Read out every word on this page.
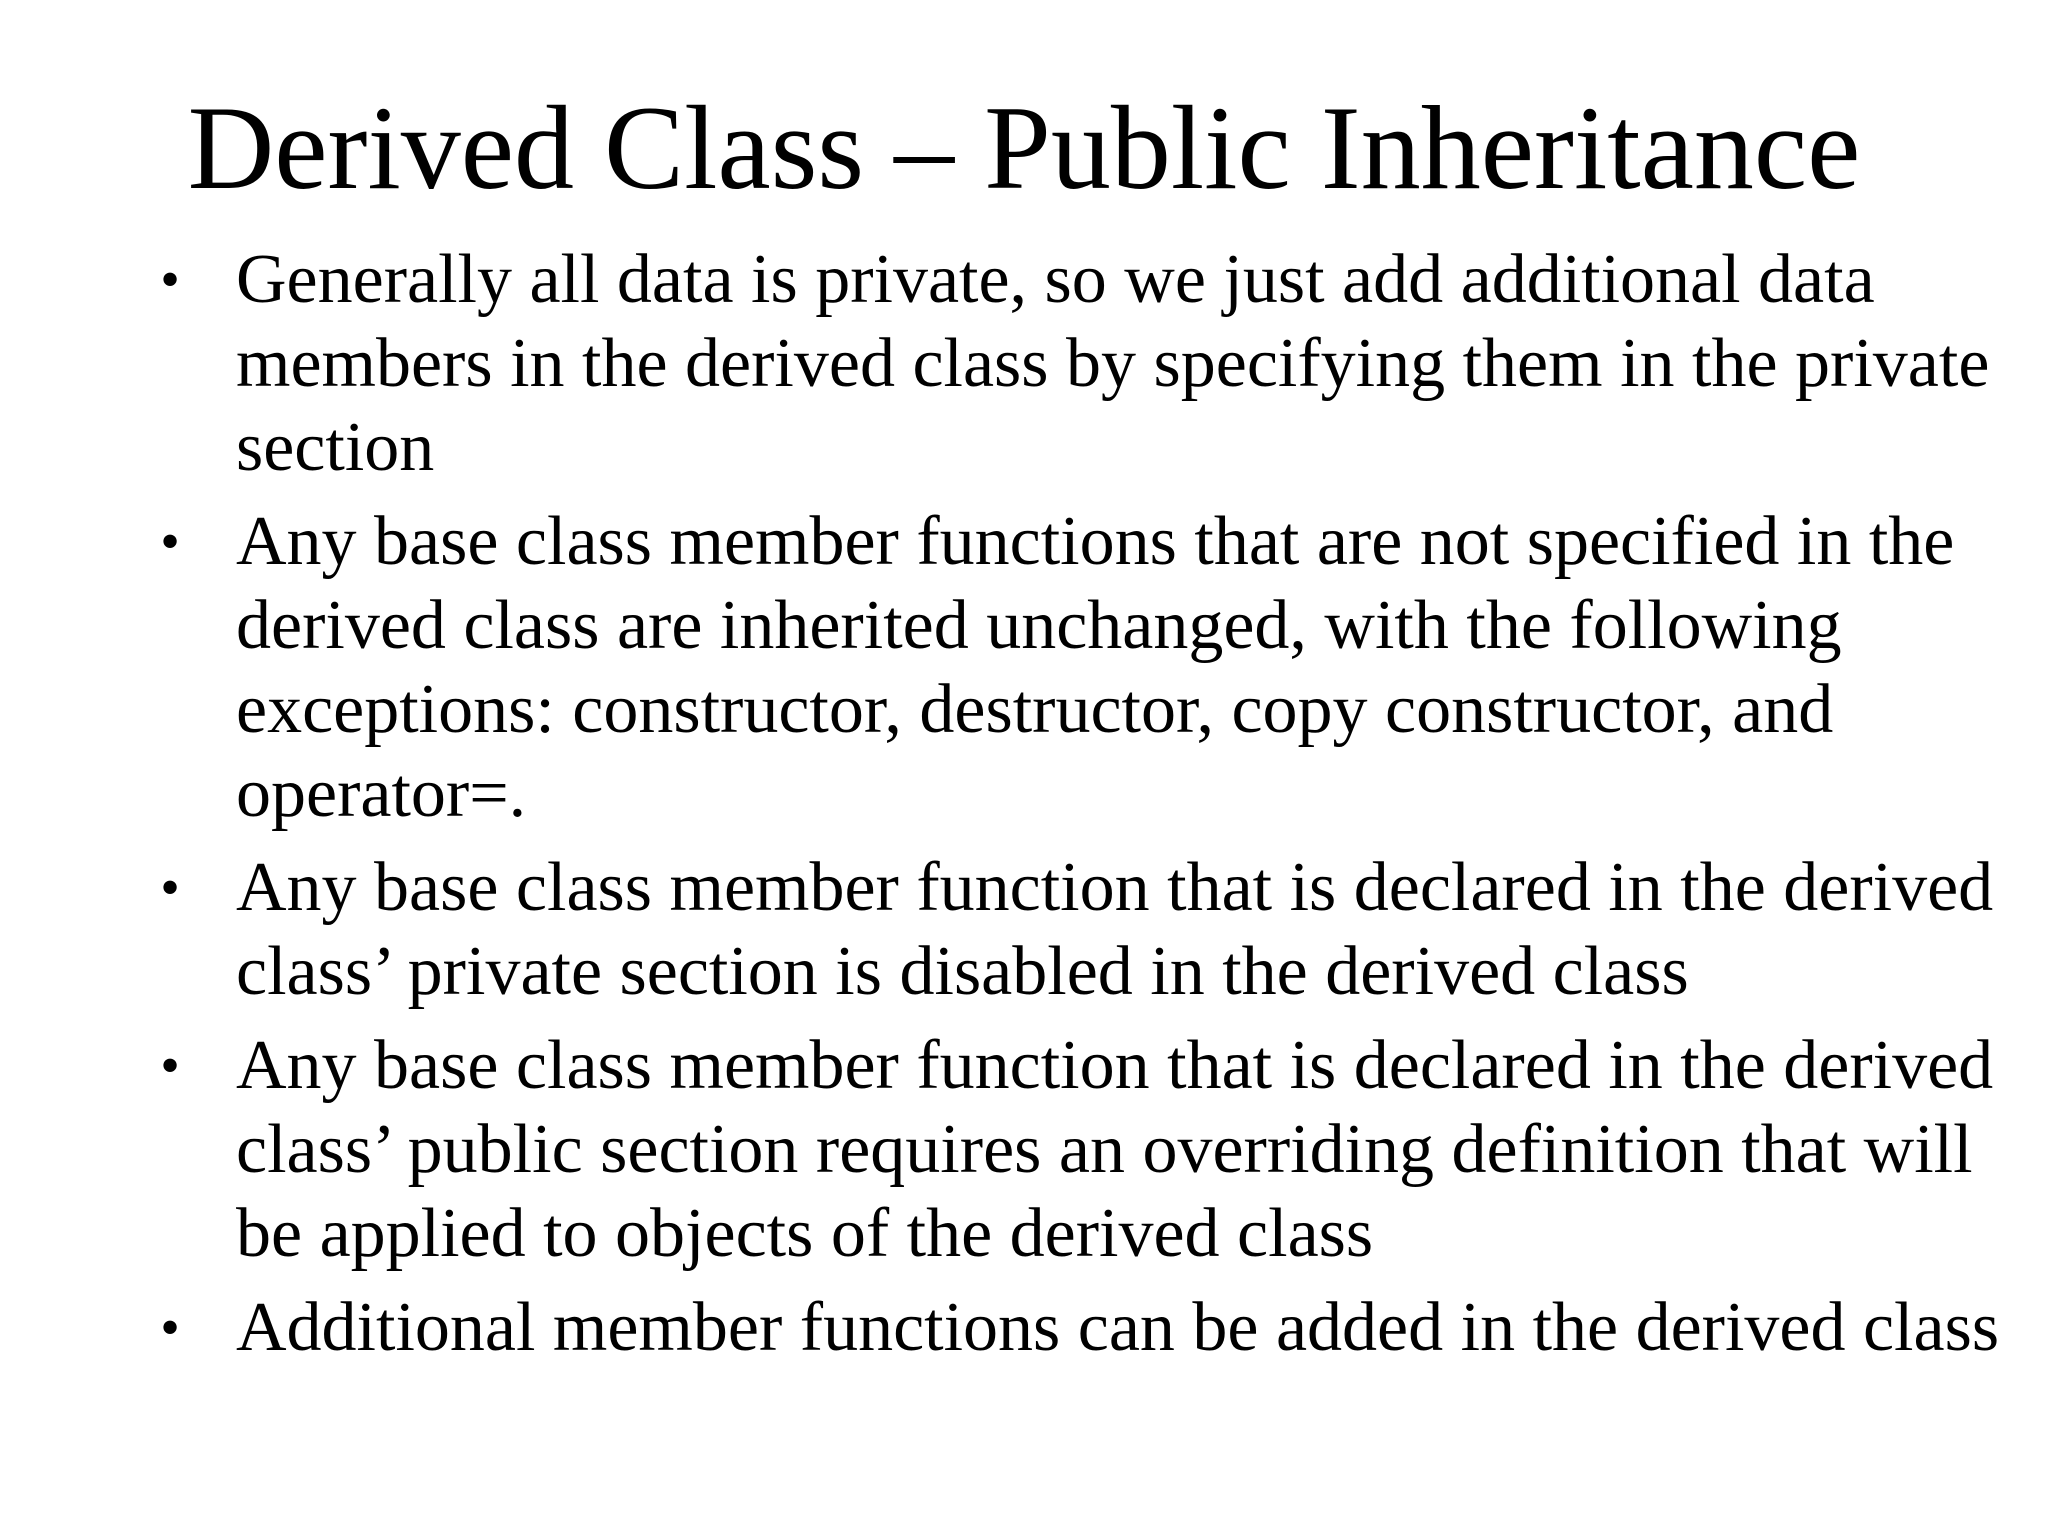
Derived Class – Public Inheritance
• Generally all data is private, so we just add additional data members in the derived class by specifying them in the private section
• Any base class member functions that are not specified in the derived class are inherited unchanged, with the following exceptions: constructor, destructor, copy constructor, and operator=.
• Any base class member function that is declared in the derived class’ private section is disabled in the derived class
• Any base class member function that is declared in the derived class’ public section requires an overriding definition that will be applied to objects of the derived class
• Additional member functions can be added in the derived class
